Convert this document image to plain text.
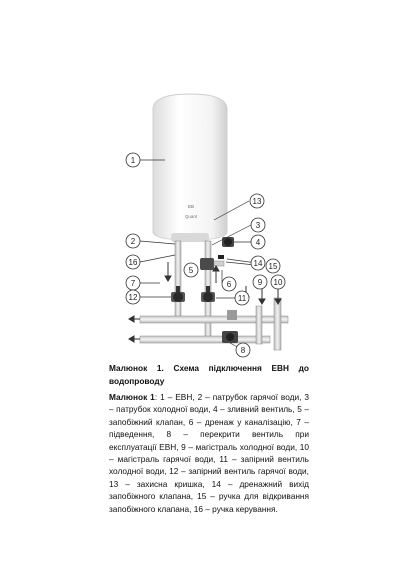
ЕВ
Quant
1
2
3
4
5
6
7
8
9 10
11
12
13
14 15
16
Малюнок 1. Схема підключення ЕВН до водопроводу
Малюнок 1: 1 – ЕВН, 2 – патрубок гарячої води, 3 – патрубок холодної води, 4 – зливний вентиль, 5 – запобіжний клапан, 6 – дренаж у каналізацію, 7 – підведення, 8 – перекрити вентиль при експлуатації ЕВН, 9 – магістраль холодної води, 10 – магістраль гарячої води, 11 – запірний вентиль холодної води, 12 – запірний вентиль гарячої води, 13 – захисна кришка, 14 – дренажний вихід запобіжного клапана, 15 – ручка для відкривання запобіжного клапана, 16 – ручка керування.
